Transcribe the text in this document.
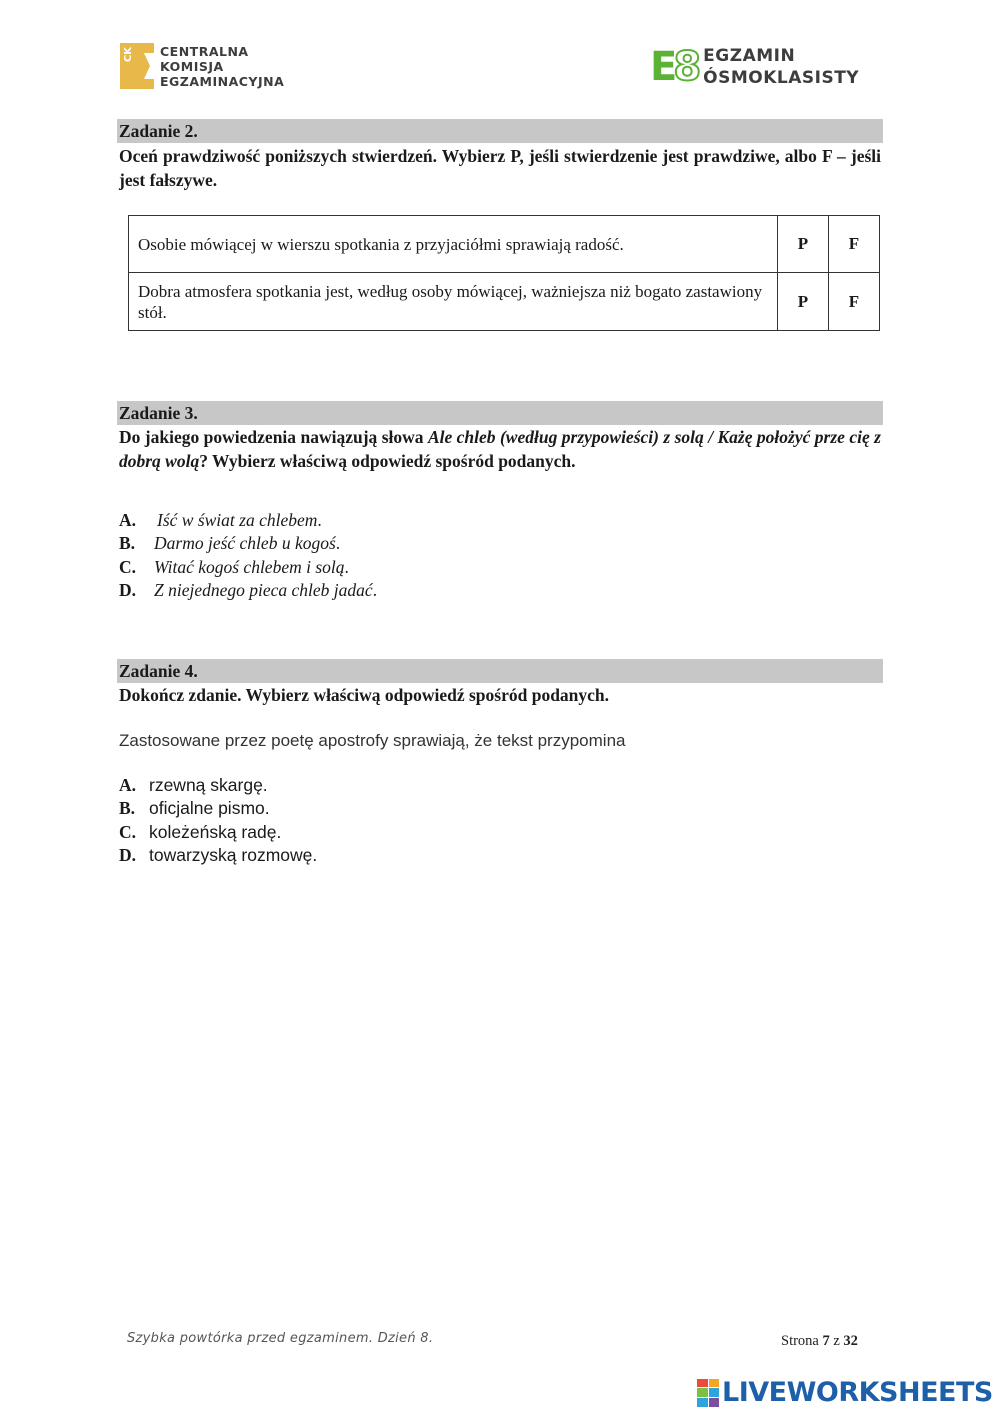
CK CENTRALNA
KOMISJA
EGZAMINACYJNA	E8 EGZAMIN
ÓSMOKLASISTY
Zadanie 2.
Oceń prawdziwość poniższych stwierdzeń. Wybierz P, jeśli stwierdzenie jest prawdziwe, albo F – jeśli jest fałszywe.
Osobie mówiącej w wierszu spotkania z przyjaciółmi sprawiają radość.	P	F
Dobra atmosfera spotkania jest, według osoby mówiącej, ważniejsza niż bogato zastawiony stół.	P	F
Zadanie 3.
Do jakiego powiedzenia nawiązują słowa Ale chleb (według przypowieści) z solą / Każę położyć prze cię z dobrą wolą? Wybierz właściwą odpowiedź spośród podanych.
A.	Iść w świat za chlebem .
B.	Darmo jeść chleb u kogoś .
C.	Witać kogoś chlebem i solą .
D.	Z niejednego pieca chleb jadać .
Zadanie 4.
Dokończ zdanie. Wybierz właściwą odpowiedź spośród podanych.
Zastosowane przez poetę apostrofy sprawiają, że tekst przypomina
A. rzewną skargę.
B. oficjalne pismo.
C. koleżeńską radę.
D. towarzyską rozmowę.
Szybka powtórka przed egzaminem. Dzień 8.	Strona 7 z 32
LIVEWORKSHEETS
